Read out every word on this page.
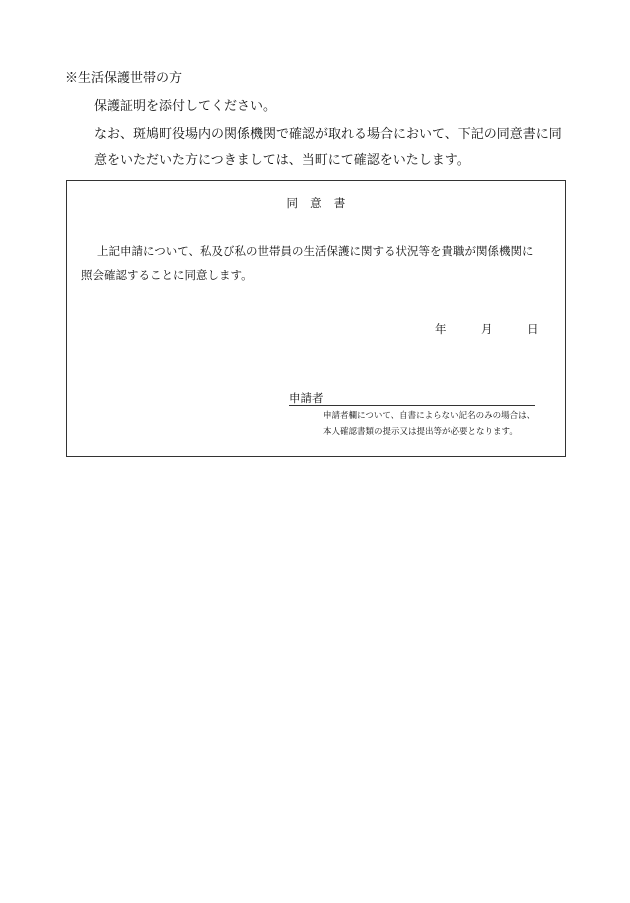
※生活保護世帯の方
保護証明を添付してください。
なお、斑鳩町役場内の関係機関で確認が取れる場合において、下記の同意書に同
意をいただいた方につきましては、当町にて確認をいたします。
同　意　書
上記申請について、私及び私の世帯員の生活保護に関する状況等を貴職が関係機関に
照会確認することに同意します。
年	月	日
申請者
申請者欄について、自書によらない記名のみの場合は、
本人確認書類の提示又は提出等が必要となります。
